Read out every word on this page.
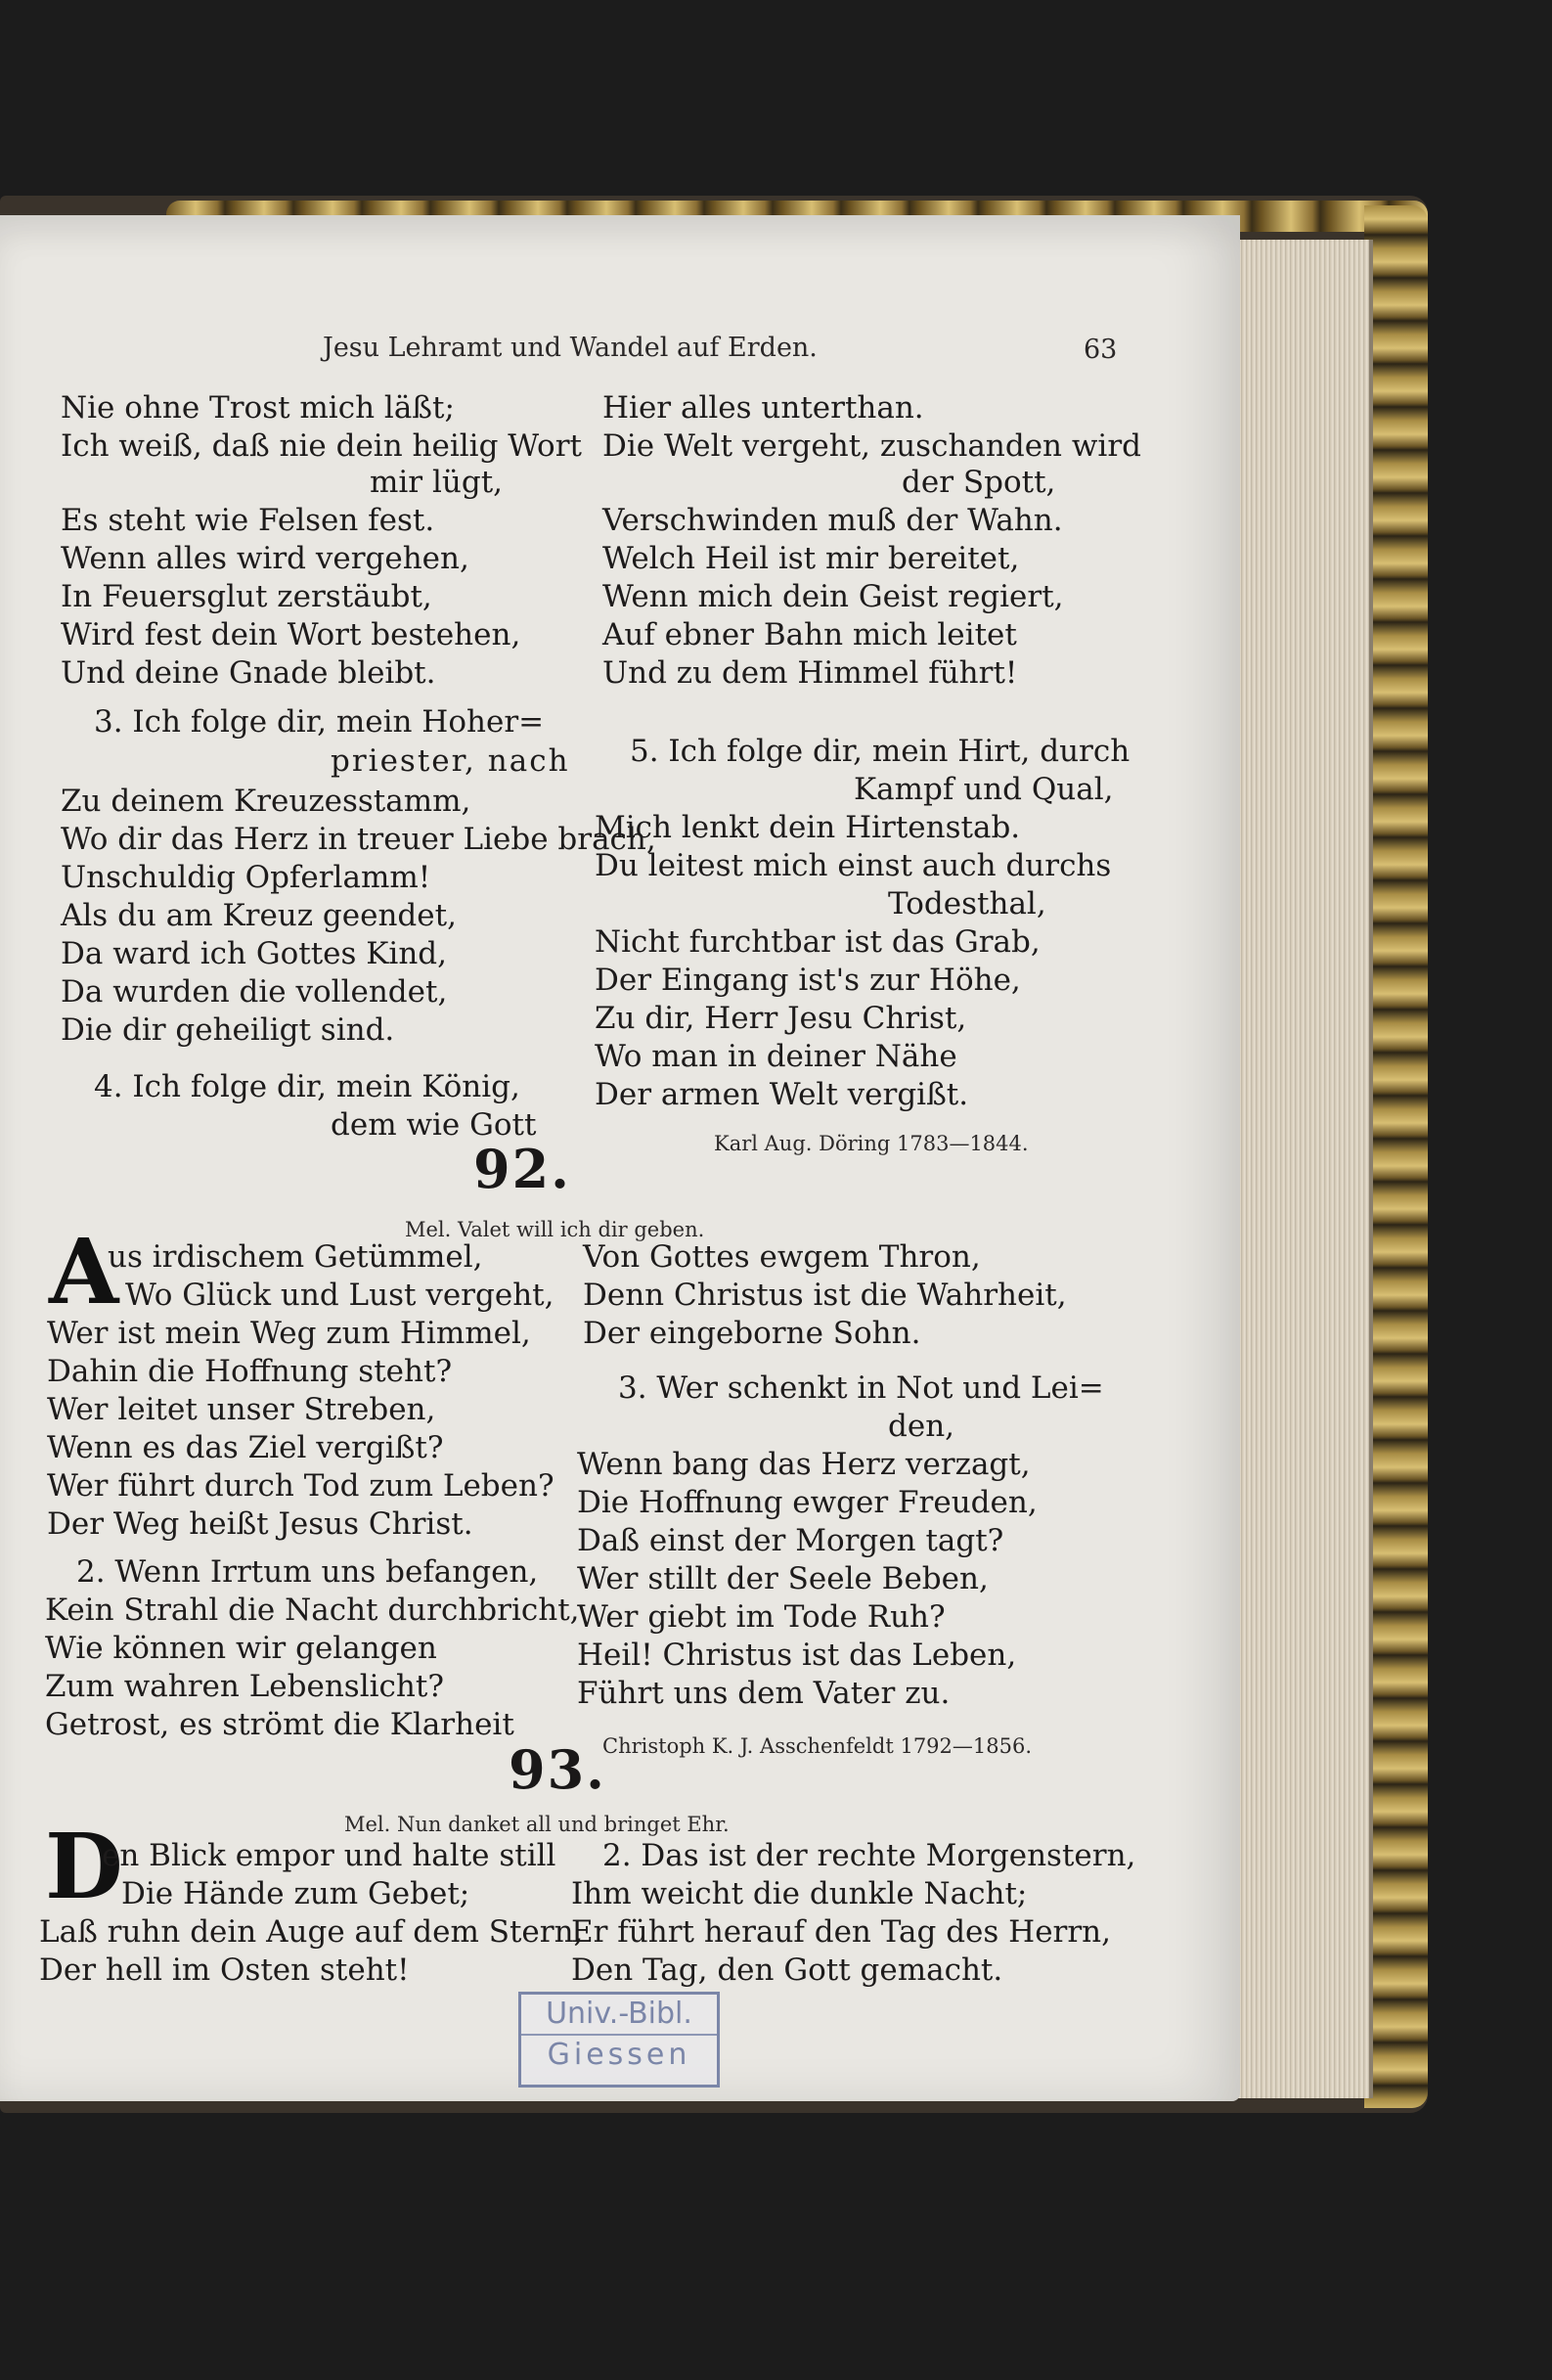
Jesu Lehramt und Wandel auf Erden.	63
Nie ohne Trost mich läßt;
Ich weiß, daß nie dein heilig Wort
mir lügt,
Es steht wie Felsen fest.
Wenn alles wird vergehen,
In Feuersglut zerstäubt,
Wird fest dein Wort bestehen,
Und deine Gnade bleibt.
3. Ich folge dir, mein Hoher=
priester, nach
Zu deinem Kreuzesstamm,
Wo dir das Herz in treuer Liebe brach,
Unschuldig Opferlamm!
Als du am Kreuz geendet,
Da ward ich Gottes Kind,
Da wurden die vollendet,
Die dir geheiligt sind.
4. Ich folge dir, mein König,
dem wie Gott
Hier alles unterthan.
Die Welt vergeht, zuschanden wird
der Spott,
Verschwinden muß der Wahn.
Welch Heil ist mir bereitet,
Wenn mich dein Geist regiert,
Auf ebner Bahn mich leitet
Und zu dem Himmel führt!
5. Ich folge dir, mein Hirt, durch
Kampf und Qual,
Mich lenkt dein Hirtenstab.
Du leitest mich einst auch durchs
Todesthal,
Nicht furchtbar ist das Grab,
Der Eingang ist's zur Höhe,
Zu dir, Herr Jesu Christ,
Wo man in deiner Nähe
Der armen Welt vergißt.
Karl Aug. Döring 1783—1844.
92.
Mel. Valet will ich dir geben.
A
us irdischem Getümmel,
Wo Glück und Lust vergeht,
Wer ist mein Weg zum Himmel,
Dahin die Hoffnung steht?
Wer leitet unser Streben,
Wenn es das Ziel vergißt?
Wer führt durch Tod zum Leben?
Der Weg heißt Jesus Christ.
2. Wenn Irrtum uns befangen,
Kein Strahl die Nacht durchbricht,
Wie können wir gelangen
Zum wahren Lebenslicht?
Getrost, es strömt die Klarheit
Von Gottes ewgem Thron,
Denn Christus ist die Wahrheit,
Der eingeborne Sohn.
3. Wer schenkt in Not und Lei=
den,
Wenn bang das Herz verzagt,
Die Hoffnung ewger Freuden,
Daß einst der Morgen tagt?
Wer stillt der Seele Beben,
Wer giebt im Tode Ruh?
Heil! Christus ist das Leben,
Führt uns dem Vater zu.
Christoph K. J. Asschenfeldt 1792—1856.
93.
Mel. Nun danket all und bringet Ehr.
D
en Blick empor und halte still
Die Hände zum Gebet;
Laß ruhn dein Auge auf dem Stern,
Der hell im Osten steht!
2. Das ist der rechte Morgenstern,
Ihm weicht die dunkle Nacht;
Er führt herauf den Tag des Herrn,
Den Tag, den Gott gemacht.
Univ.-Bibl.
Giessen
